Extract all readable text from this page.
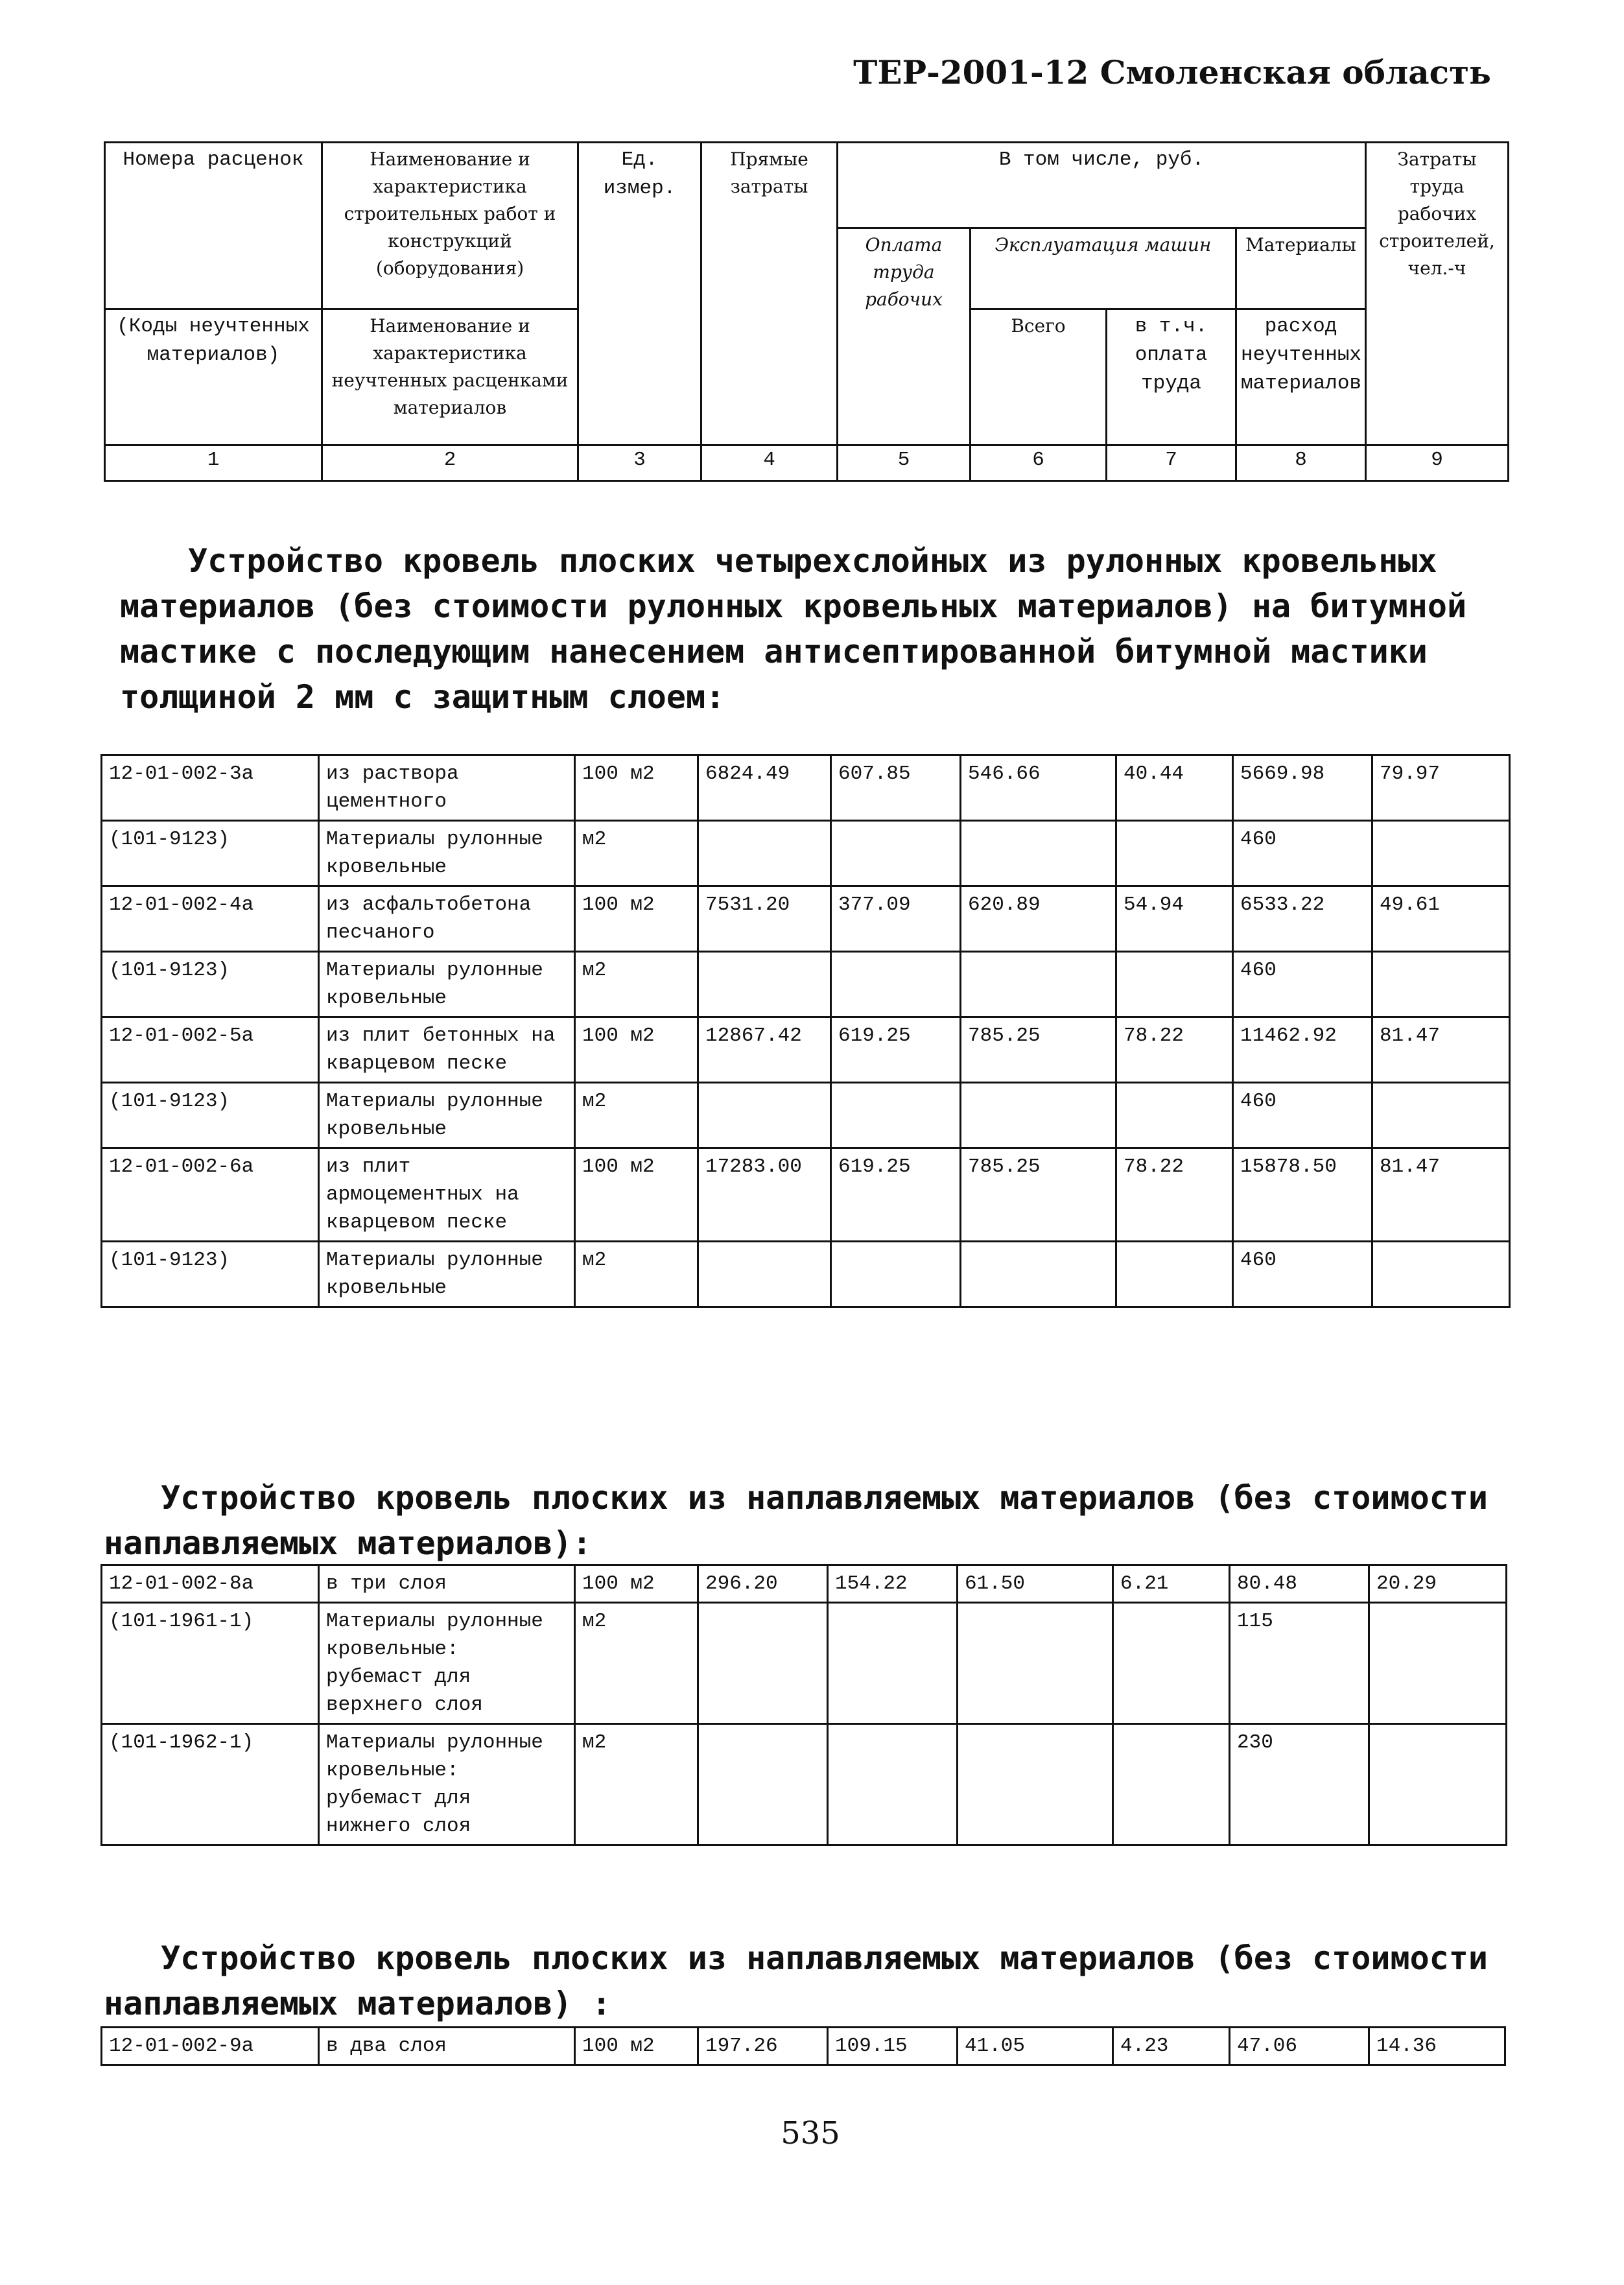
ТЕР-2001-12 Смоленская область
Номера расценок	Наименование и характеристика строительных работ и конструкций (оборудования)	Ед. измер.	Прямые затраты	В том числе, руб.				Затраты труда рабочих строителей, чел.-ч
				Оплата труда рабочих	Эксплуатация машин		Материалы	
(Коды неучтенных материалов)	Наименование и характеристика неучтенных расценками материалов				Всего	в т.ч. оплата труда	расход неучтенных материалов	
1	2	3	4	5	6	7	8	9

Устройство кровель плоских четырехслойных из рулонных кровельных материалов (без стоимости рулонных кровельных материалов) на битумной мастике с последующим нанесением антисептированной битумной мастики толщиной 2 мм с защитным слоем:

12-01-002-3а	из раствора цементного	100 м2	6824.49	607.85	546.66	40.44	5669.98	79.97
(101-9123)	Материалы рулонные кровельные	м2					460	
12-01-002-4а	из асфальтобетона песчаного	100 м2	7531.20	377.09	620.89	54.94	6533.22	49.61
(101-9123)	Материалы рулонные кровельные	м2					460	
12-01-002-5а	из плит бетонных на кварцевом песке	100 м2	12867.42	619.25	785.25	78.22	11462.92	81.47
(101-9123)	Материалы рулонные кровельные	м2					460	
12-01-002-6а	из плит армоцементных на кварцевом песке	100 м2	17283.00	619.25	785.25	78.22	15878.50	81.47
(101-9123)	Материалы рулонные кровельные	м2					460	

Устройство кровель плоских из наплавляемых материалов (без стоимости наплавляемых материалов):

12-01-002-8а	в три слоя	100 м2	296.20	154.22	61.50	6.21	80.48	20.29
(101-1961-1)	Материалы рулонные кровельные: рубемаст для верхнего слоя	м2					115	
(101-1962-1)	Материалы рулонные кровельные: рубемаст для нижнего слоя	м2					230	

Устройство кровель плоских из наплавляемых материалов (без стоимости наплавляемых материалов) :

12-01-002-9а	в два слоя	100 м2	197.26	109.15	41.05	4.23	47.06	14.36
535
